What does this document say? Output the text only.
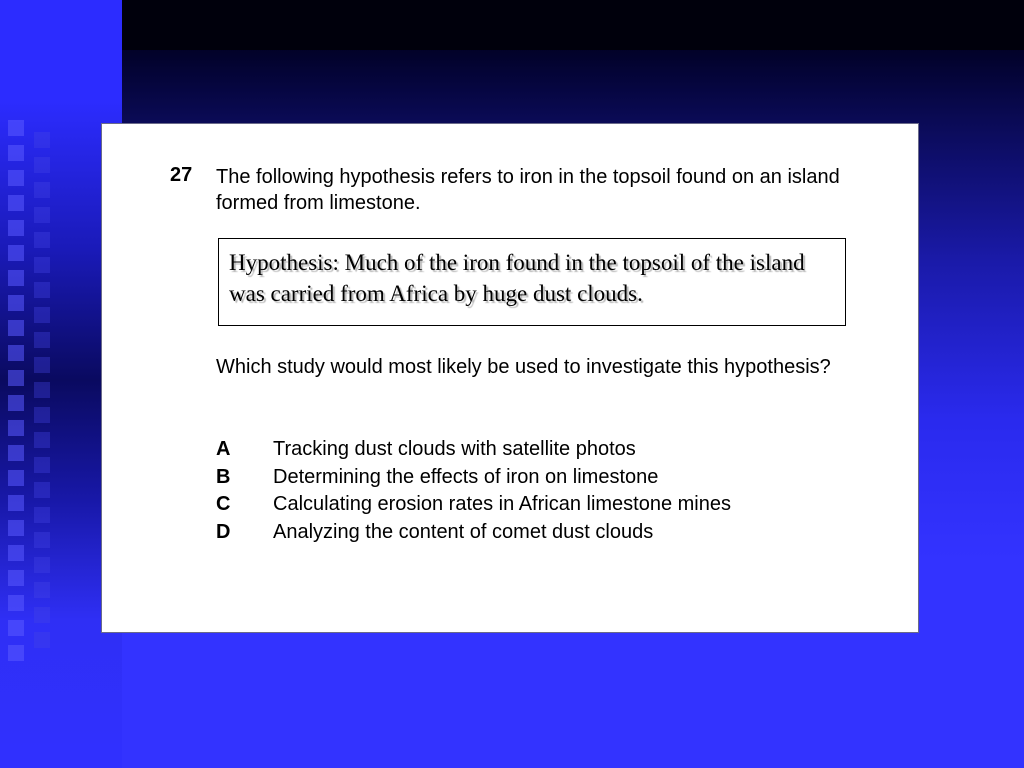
27 The following hypothesis refers to iron in the topsoil found on an island formed from limestone.
Hypothesis: Much of the iron found in the topsoil of the island was carried from Africa by huge dust clouds.
Which study would most likely be used to investigate this hypothesis?
A	Tracking dust clouds with satellite photos
B	Determining the effects of iron on limestone
C	Calculating erosion rates in African limestone mines
D	Analyzing the content of comet dust clouds
